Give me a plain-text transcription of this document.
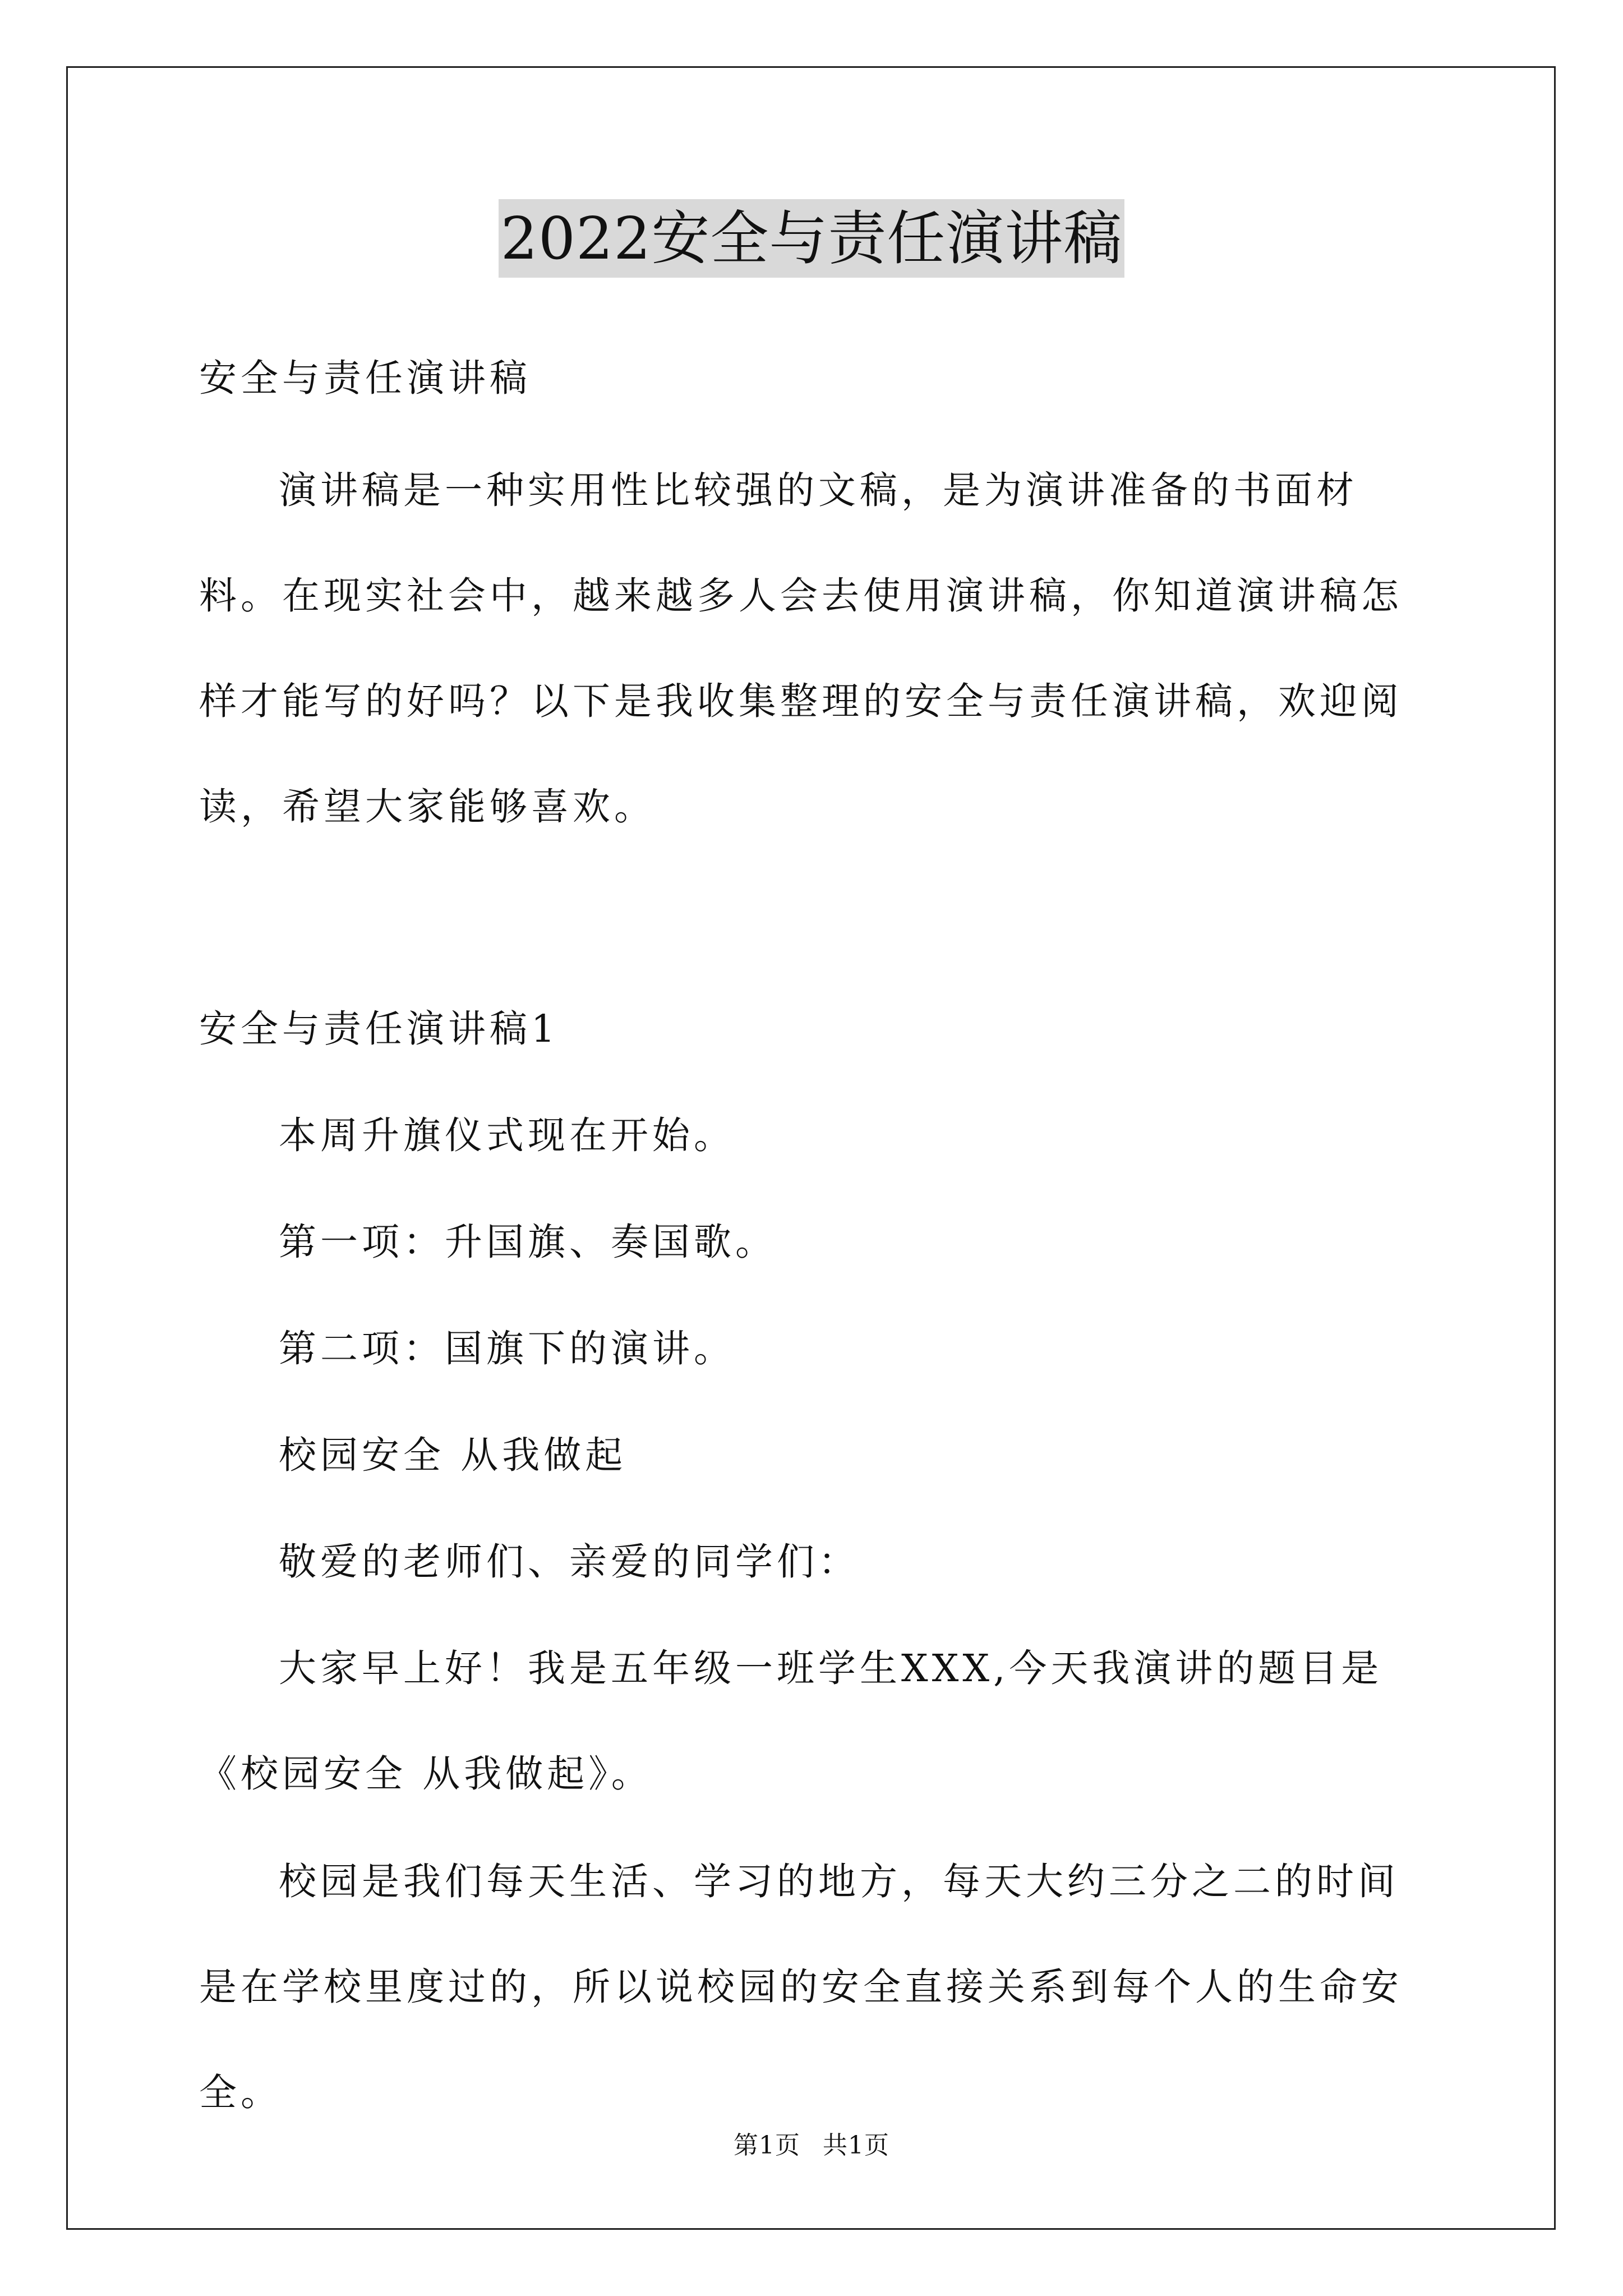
2022安全与责任演讲稿

安全与责任演讲稿

演讲稿是一种实用性比较强的文稿，是为演讲准备的书面材料。在现实社会中，越来越多人会去使用演讲稿，你知道演讲稿怎样才能写的好吗？以下是我收集整理的安全与责任演讲稿，欢迎阅读，希望大家能够喜欢。

安全与责任演讲稿1

本周升旗仪式现在开始。

第一项：升国旗、奏国歌。

第二项：国旗下的演讲。

校园安全 从我做起

敬爱的老师们、亲爱的同学们：

大家早上好！我是五年级一班学生XXX,今天我演讲的题目是《校园安全 从我做起》。

校园是我们每天生活、学习的地方，每天大约三分之二的时间是在学校里度过的，所以说校园的安全直接关系到每个人的生命安全。

第1页 共1页
